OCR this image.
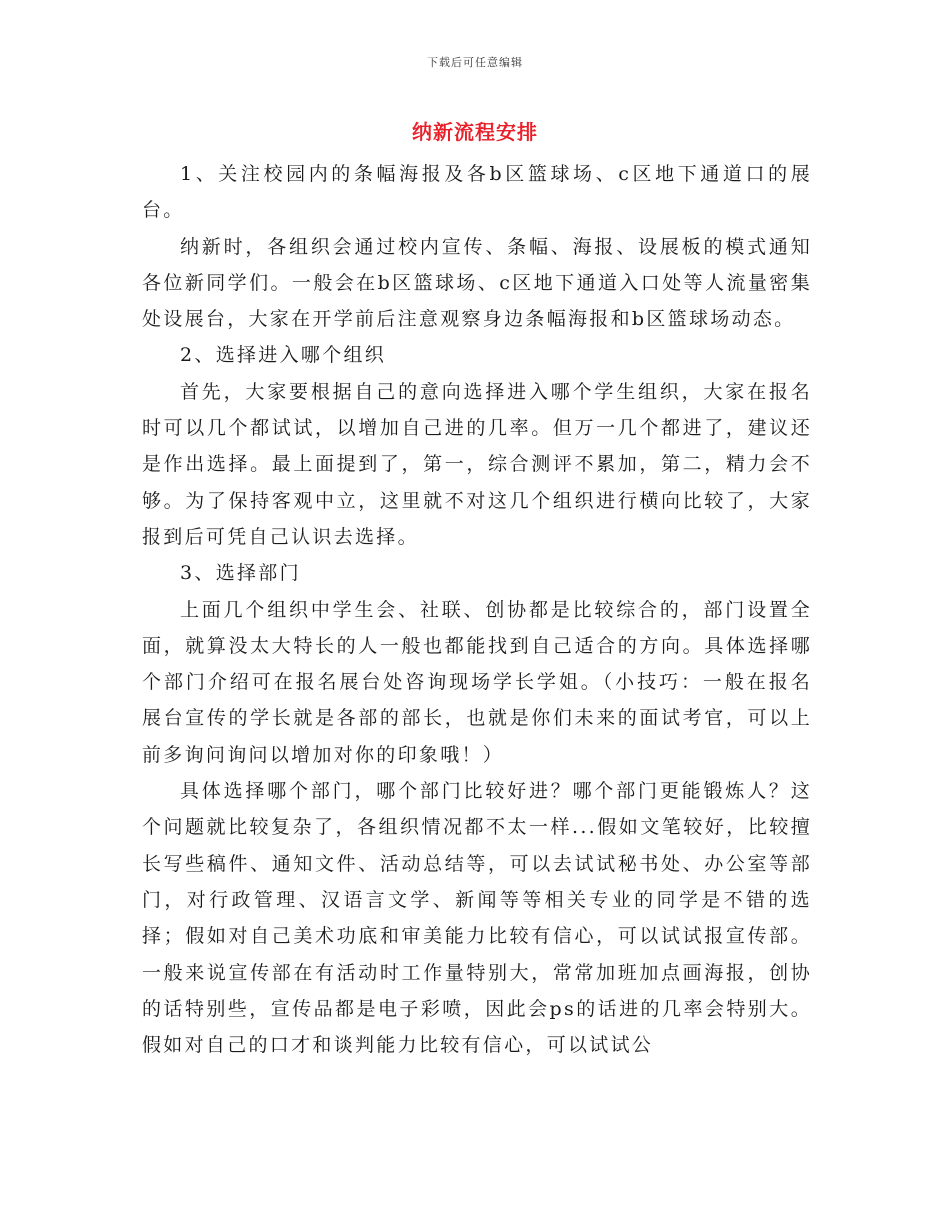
下载后可任意编辑
纳新流程安排

1、关注校园内的条幅海报及各b区篮球场、c区地下通道口的展台。

纳新时，各组织会通过校内宣传、条幅、海报、设展板的模式通知各位新同学们。一般会在b区篮球场、c区地下通道入口处等人流量密集处设展台，大家在开学前后注意观察身边条幅海报和b区篮球场动态。

2、选择进入哪个组织

首先，大家要根据自己的意向选择进入哪个学生组织，大家在报名时可以几个都试试，以增加自己进的几率。但万一几个都进了，建议还是作出选择。最上面提到了，第一，综合测评不累加，第二，精力会不够。为了保持客观中立，这里就不对这几个组织进行横向比较了，大家报到后可凭自己认识去选择。

3、选择部门

上面几个组织中学生会、社联、创协都是比较综合的，部门设置全面，就算没太大特长的人一般也都能找到自己适合的方向。具体选择哪个部门介绍可在报名展台处咨询现场学长学姐。（小技巧：一般在报名展台宣传的学长就是各部的部长，也就是你们未来的面试考官，可以上前多询问询问以增加对你的印象哦！）

具体选择哪个部门，哪个部门比较好进？哪个部门更能锻炼人？这个问题就比较复杂了，各组织情况都不太一样...假如文笔较好，比较擅长写些稿件、通知文件、活动总结等，可以去试试秘书处、办公室等部门，对行政管理、汉语言文学、新闻等等相关专业的同学是不错的选择；假如对自己美术功底和审美能力比较有信心，可以试试报宣传部。一般来说宣传部在有活动时工作量特别大，常常加班加点画海报，创协的话特别些，宣传品都是电子彩喷，因此会ps的话进的几率会特别大。假如对自己的口才和谈判能力比较有信心，可以试试公
